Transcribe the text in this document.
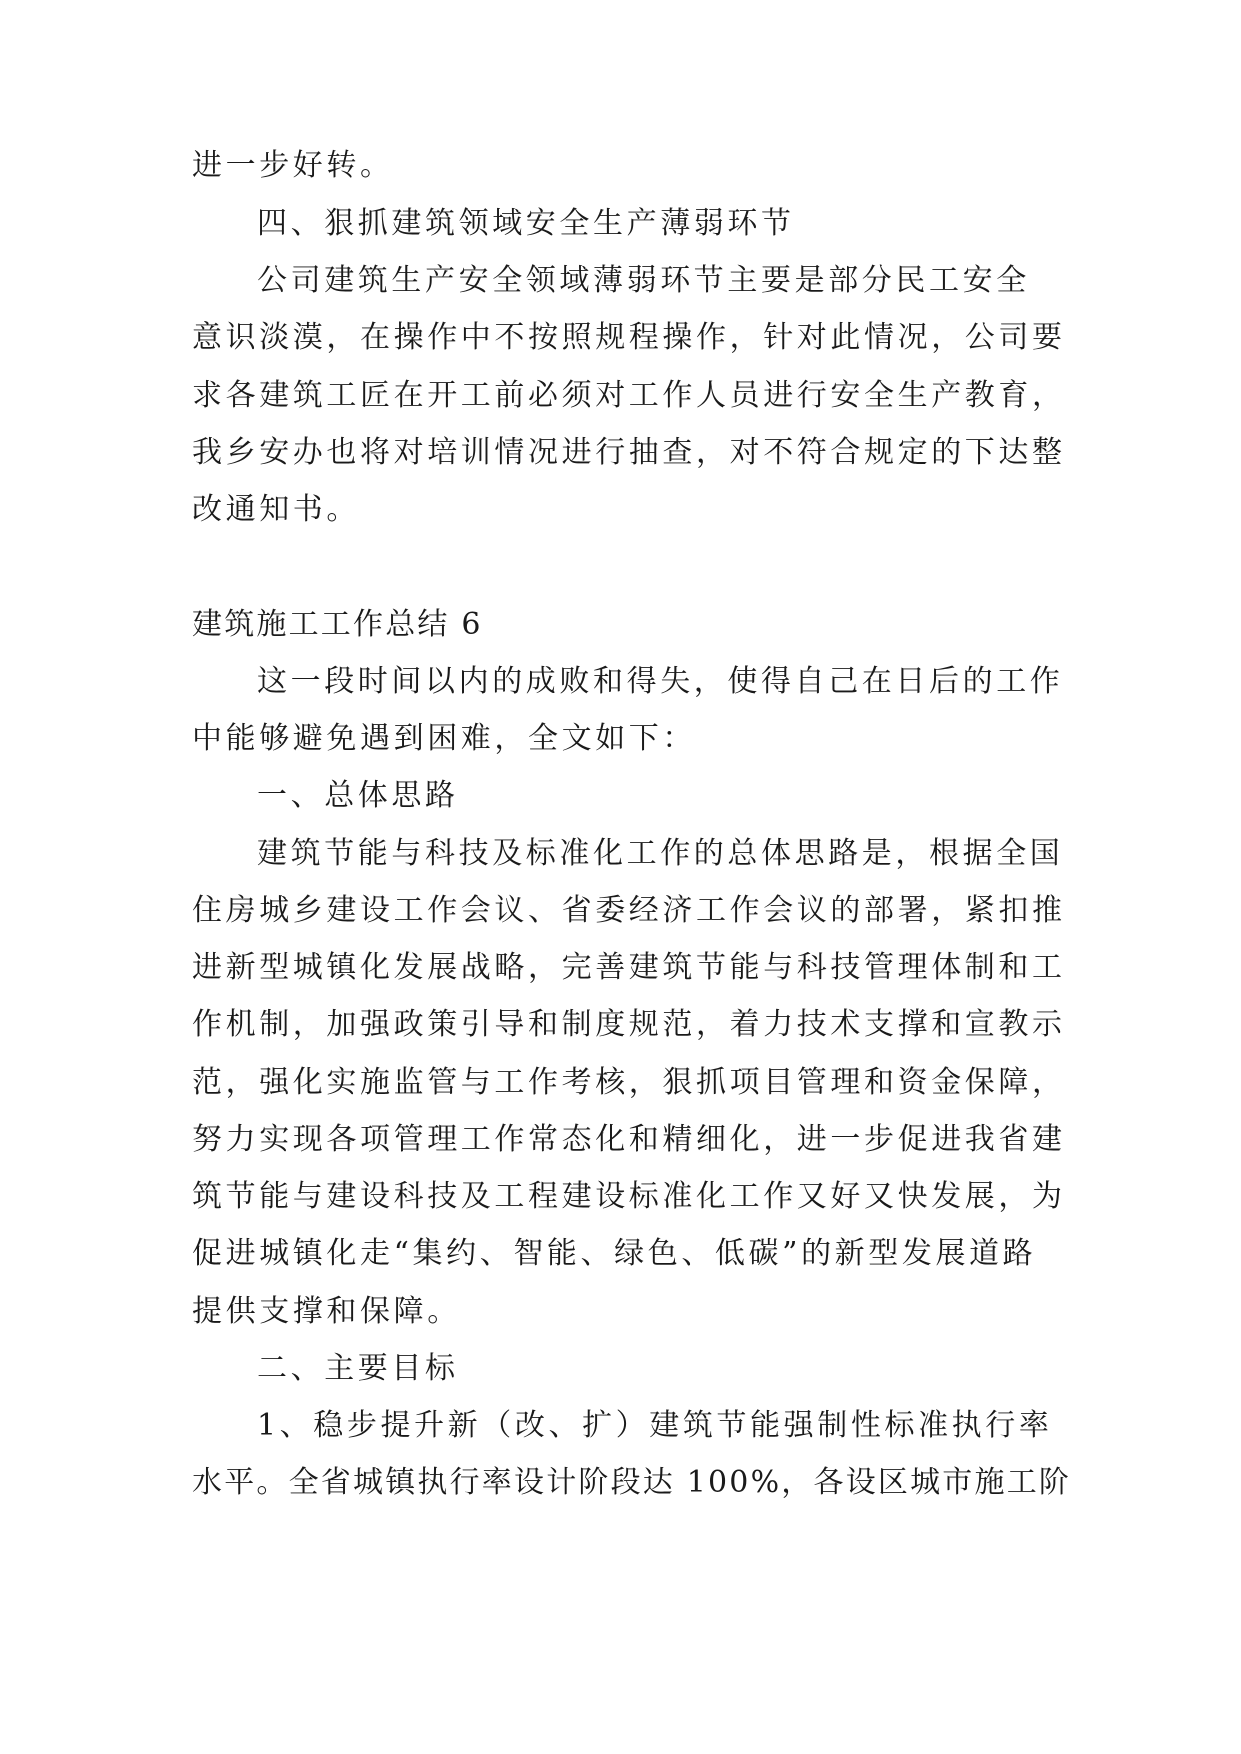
进一步好转。
四、狠抓建筑领域安全生产薄弱环节
公司建筑生产安全领域薄弱环节主要是部分民工安全
意识淡漠，在操作中不按照规程操作，针对此情况，公司要
求各建筑工匠在开工前必须对工作人员进行安全生产教育，
我乡安办也将对培训情况进行抽查，对不符合规定的下达整
改通知书。
建筑施工工作总结 6
这一段时间以内的成败和得失，使得自己在日后的工作
中能够避免遇到困难，全文如下：
一、总体思路
建筑节能与科技及标准化工作的总体思路是，根据全国
住房城乡建设工作会议、省委经济工作会议的部署，紧扣推
进新型城镇化发展战略，完善建筑节能与科技管理体制和工
作机制，加强政策引导和制度规范，着力技术支撑和宣教示
范，强化实施监管与工作考核，狠抓项目管理和资金保障，
努力实现各项管理工作常态化和精细化，进一步促进我省建
筑节能与建设科技及工程建设标准化工作又好又快发展，为
促进城镇化走“集约、智能、绿色、低碳”的新型发展道路
提供支撑和保障。
二、主要目标
1、稳步提升新（改、扩）建筑节能强制性标准执行率
水平。全省城镇执行率设计阶段达 100%，各设区城市施工阶
